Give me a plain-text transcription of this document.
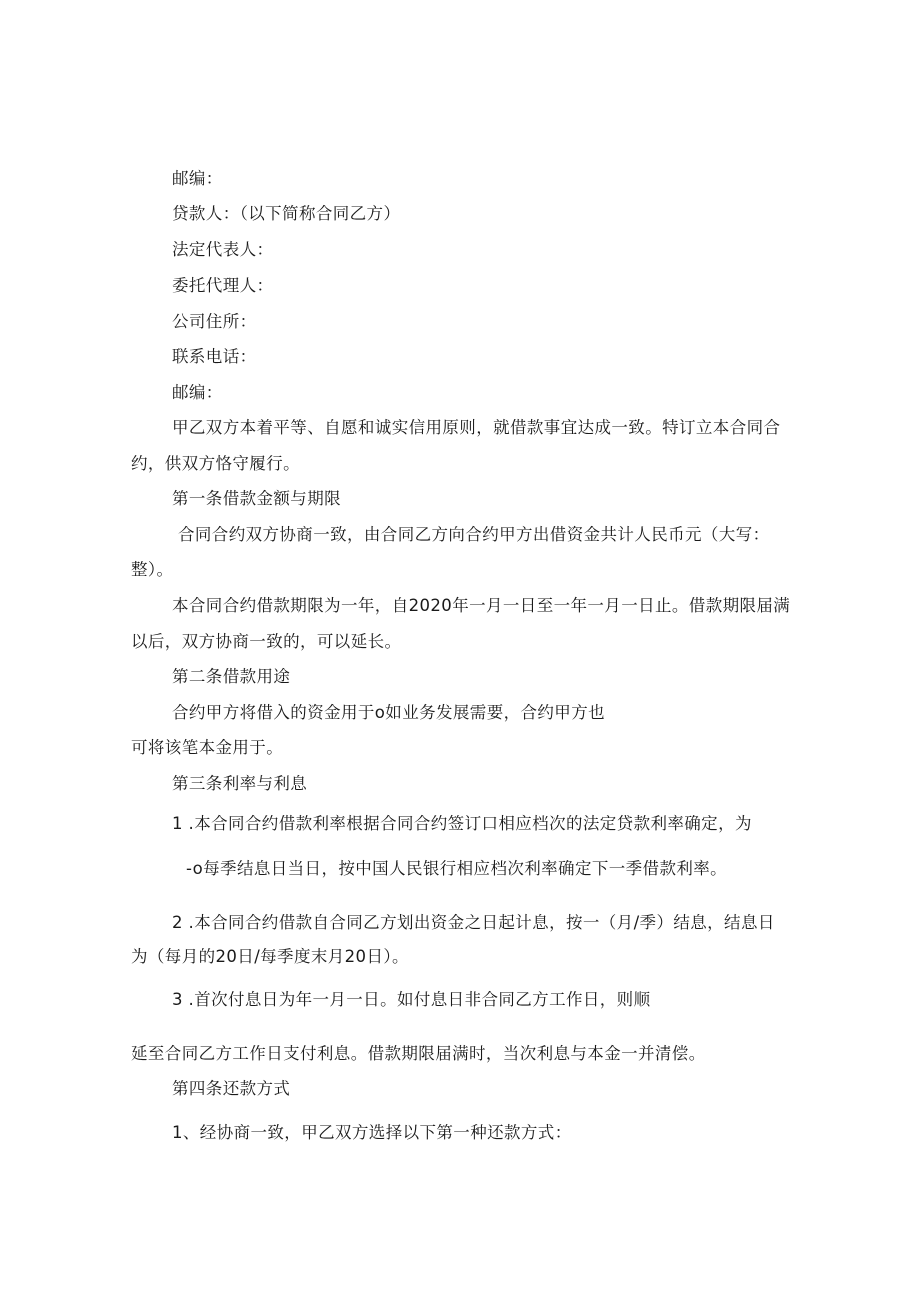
邮编：
贷款人：（以下简称合同乙方）
法定代表人：
委托代理人：
公司住所：
联系电话：
邮编：
甲乙双方本着平等、自愿和诚实信用原则，就借款事宜达成一致。特订立本合同合
约，供双方恪守履行。
第一条借款金额与期限
合同合约双方协商一致，由合同乙方向合约甲方出借资金共计人民币元（大写：
整）。
本合同合约借款期限为一年，自2020年一月一日至一年一月一日止。借款期限届满
以后，双方协商一致的，可以延长。
第二条借款用途
合约甲方将借入的资金用于o如业务发展需要，合约甲方也
可将该笔本金用于。
第三条利率与利息
1 .本合同合约借款利率根据合同合约签订口相应档次的法定贷款利率确定，为
-o每季结息日当日，按中国人民银行相应档次利率确定下一季借款利率。
2 .本合同合约借款自合同乙方划出资金之日起计息，按一（月/季）结息，结息日
为（每月的20日/每季度末月20日）。
3 .首次付息日为年一月一日。如付息日非合同乙方工作日，则顺
延至合同乙方工作日支付利息。借款期限届满时，当次利息与本金一并清偿。
第四条还款方式
1、经协商一致，甲乙双方选择以下第一种还款方式：
